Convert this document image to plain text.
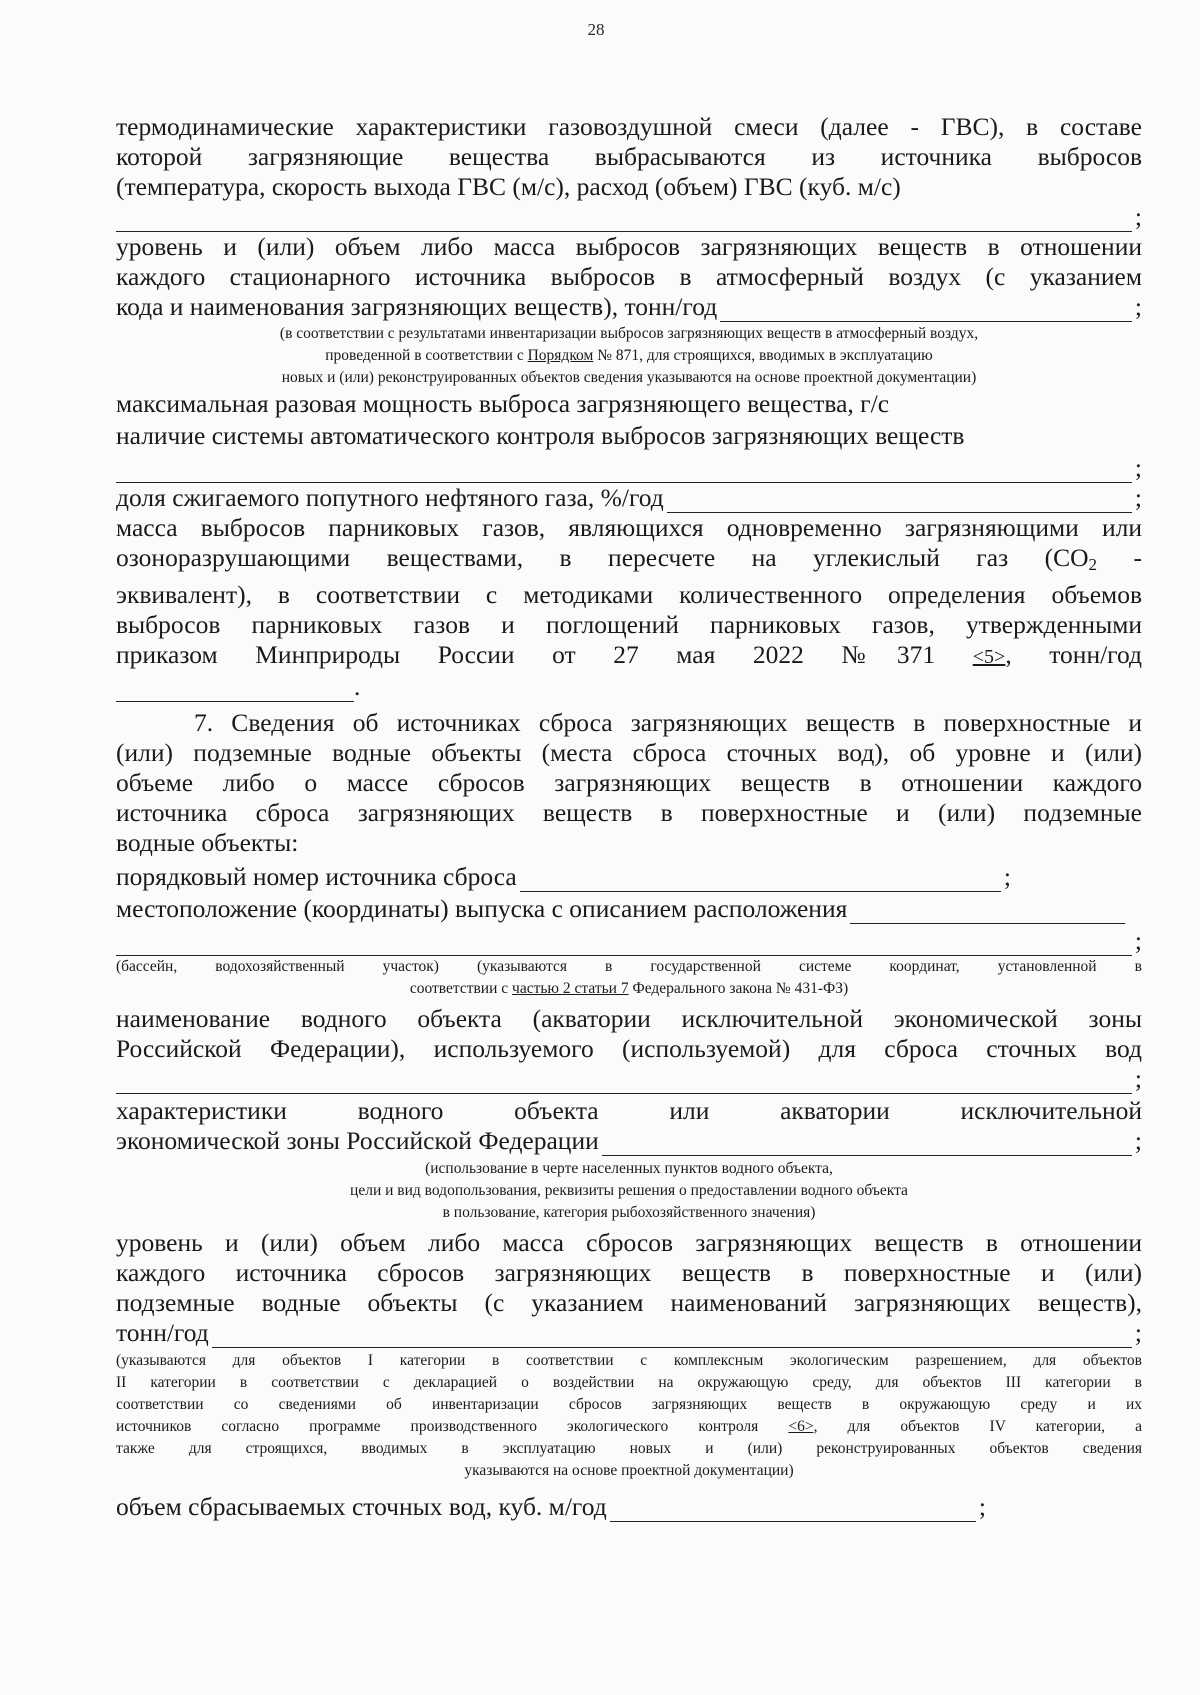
28

термодинамические характеристики газовоздушной смеси (далее - ГВС), в составе

которой загрязняющие вещества выбрасываются из источника выбросов

(температура, скорость выхода ГВС (м/с), расход (объем) ГВС (куб. м/с)

;

уровень и (или) объем либо масса выбросов загрязняющих веществ в отношении

каждого стационарного источника выбросов в атмосферный воздух (с указанием

кода и наименования загрязняющих веществ), тонн/год	;
(в соответствии с результатами инвентаризации выбросов загрязняющих веществ в атмосферный воздух,
проведенной в соответствии с Порядком № 871, для строящихся, вводимых в эксплуатацию
новых и (или) реконструированных объектов сведения указываются на основе проектной документации)

максимальная разовая мощность выброса загрязняющего вещества, г/с

наличие системы автоматического контроля выбросов загрязняющих веществ

;
доля сжигаемого попутного нефтяного газа, %/год	;

масса выбросов парниковых газов, являющихся одновременно загрязняющими или

озоноразрушающими веществами, в пересчете на углекислый газ ($CO_2$ -

эквивалент), в соответствии с методиками количественного определения объемов

выбросов парниковых газов и поглощений парниковых газов, утвержденными

приказом Минприроды России от 27 мая 2022 №371 <5>, тонн/год

.

7. Сведения об источниках сброса загрязняющих веществ в поверхностные и

(или) подземные водные объекты (места сброса сточных вод), об уровне и (или)

объеме либо о массе сбросов загрязняющих веществ в отношении каждого

источника сброса загрязняющих веществ в поверхностные и (или) подземные

водные объекты:

порядковый номер источника сброса	;
местоположение (координаты) выпуска с описанием расположения
;
(бассейн, водохозяйственный участок) (указываются в государственной системе координат, установленной в
соответствии с частью 2 статьи 7 Федерального закона № 431-ФЗ)

наименование водного объекта (акватории исключительной экономической зоны

Российской Федерации), используемого (используемой) для сброса сточных вод

;

характеристики водного объекта или акватории исключительной

экономической зоны Российской Федерации	;
(использование в черте населенных пунктов водного объекта,
цели и вид водопользования, реквизиты решения о предоставлении водного объекта
в пользование, категория рыбохозяйственного значения)

уровень и (или) объем либо масса сбросов загрязняющих веществ в отношении

каждого источника сбросов загрязняющих веществ в поверхностные и (или)

подземные водные объекты (с указанием наименований загрязняющих веществ),

тонн/год	;
(указываются для объектов I категории в соответствии с комплексным экологическим разрешением, для объектов
II категории в соответствии с декларацией о воздействии на окружающую среду, для объектов III категории в
соответствии со сведениями об инвентаризации сбросов загрязняющих веществ в окружающую среду и их
источников согласно программе производственного экологического контроля <6>, для объектов IV категории, а
также для строящихся, вводимых в эксплуатацию новых и (или) реконструированных объектов сведения
указываются на основе проектной документации)
объем сбрасываемых сточных вод, куб. м/год	;
